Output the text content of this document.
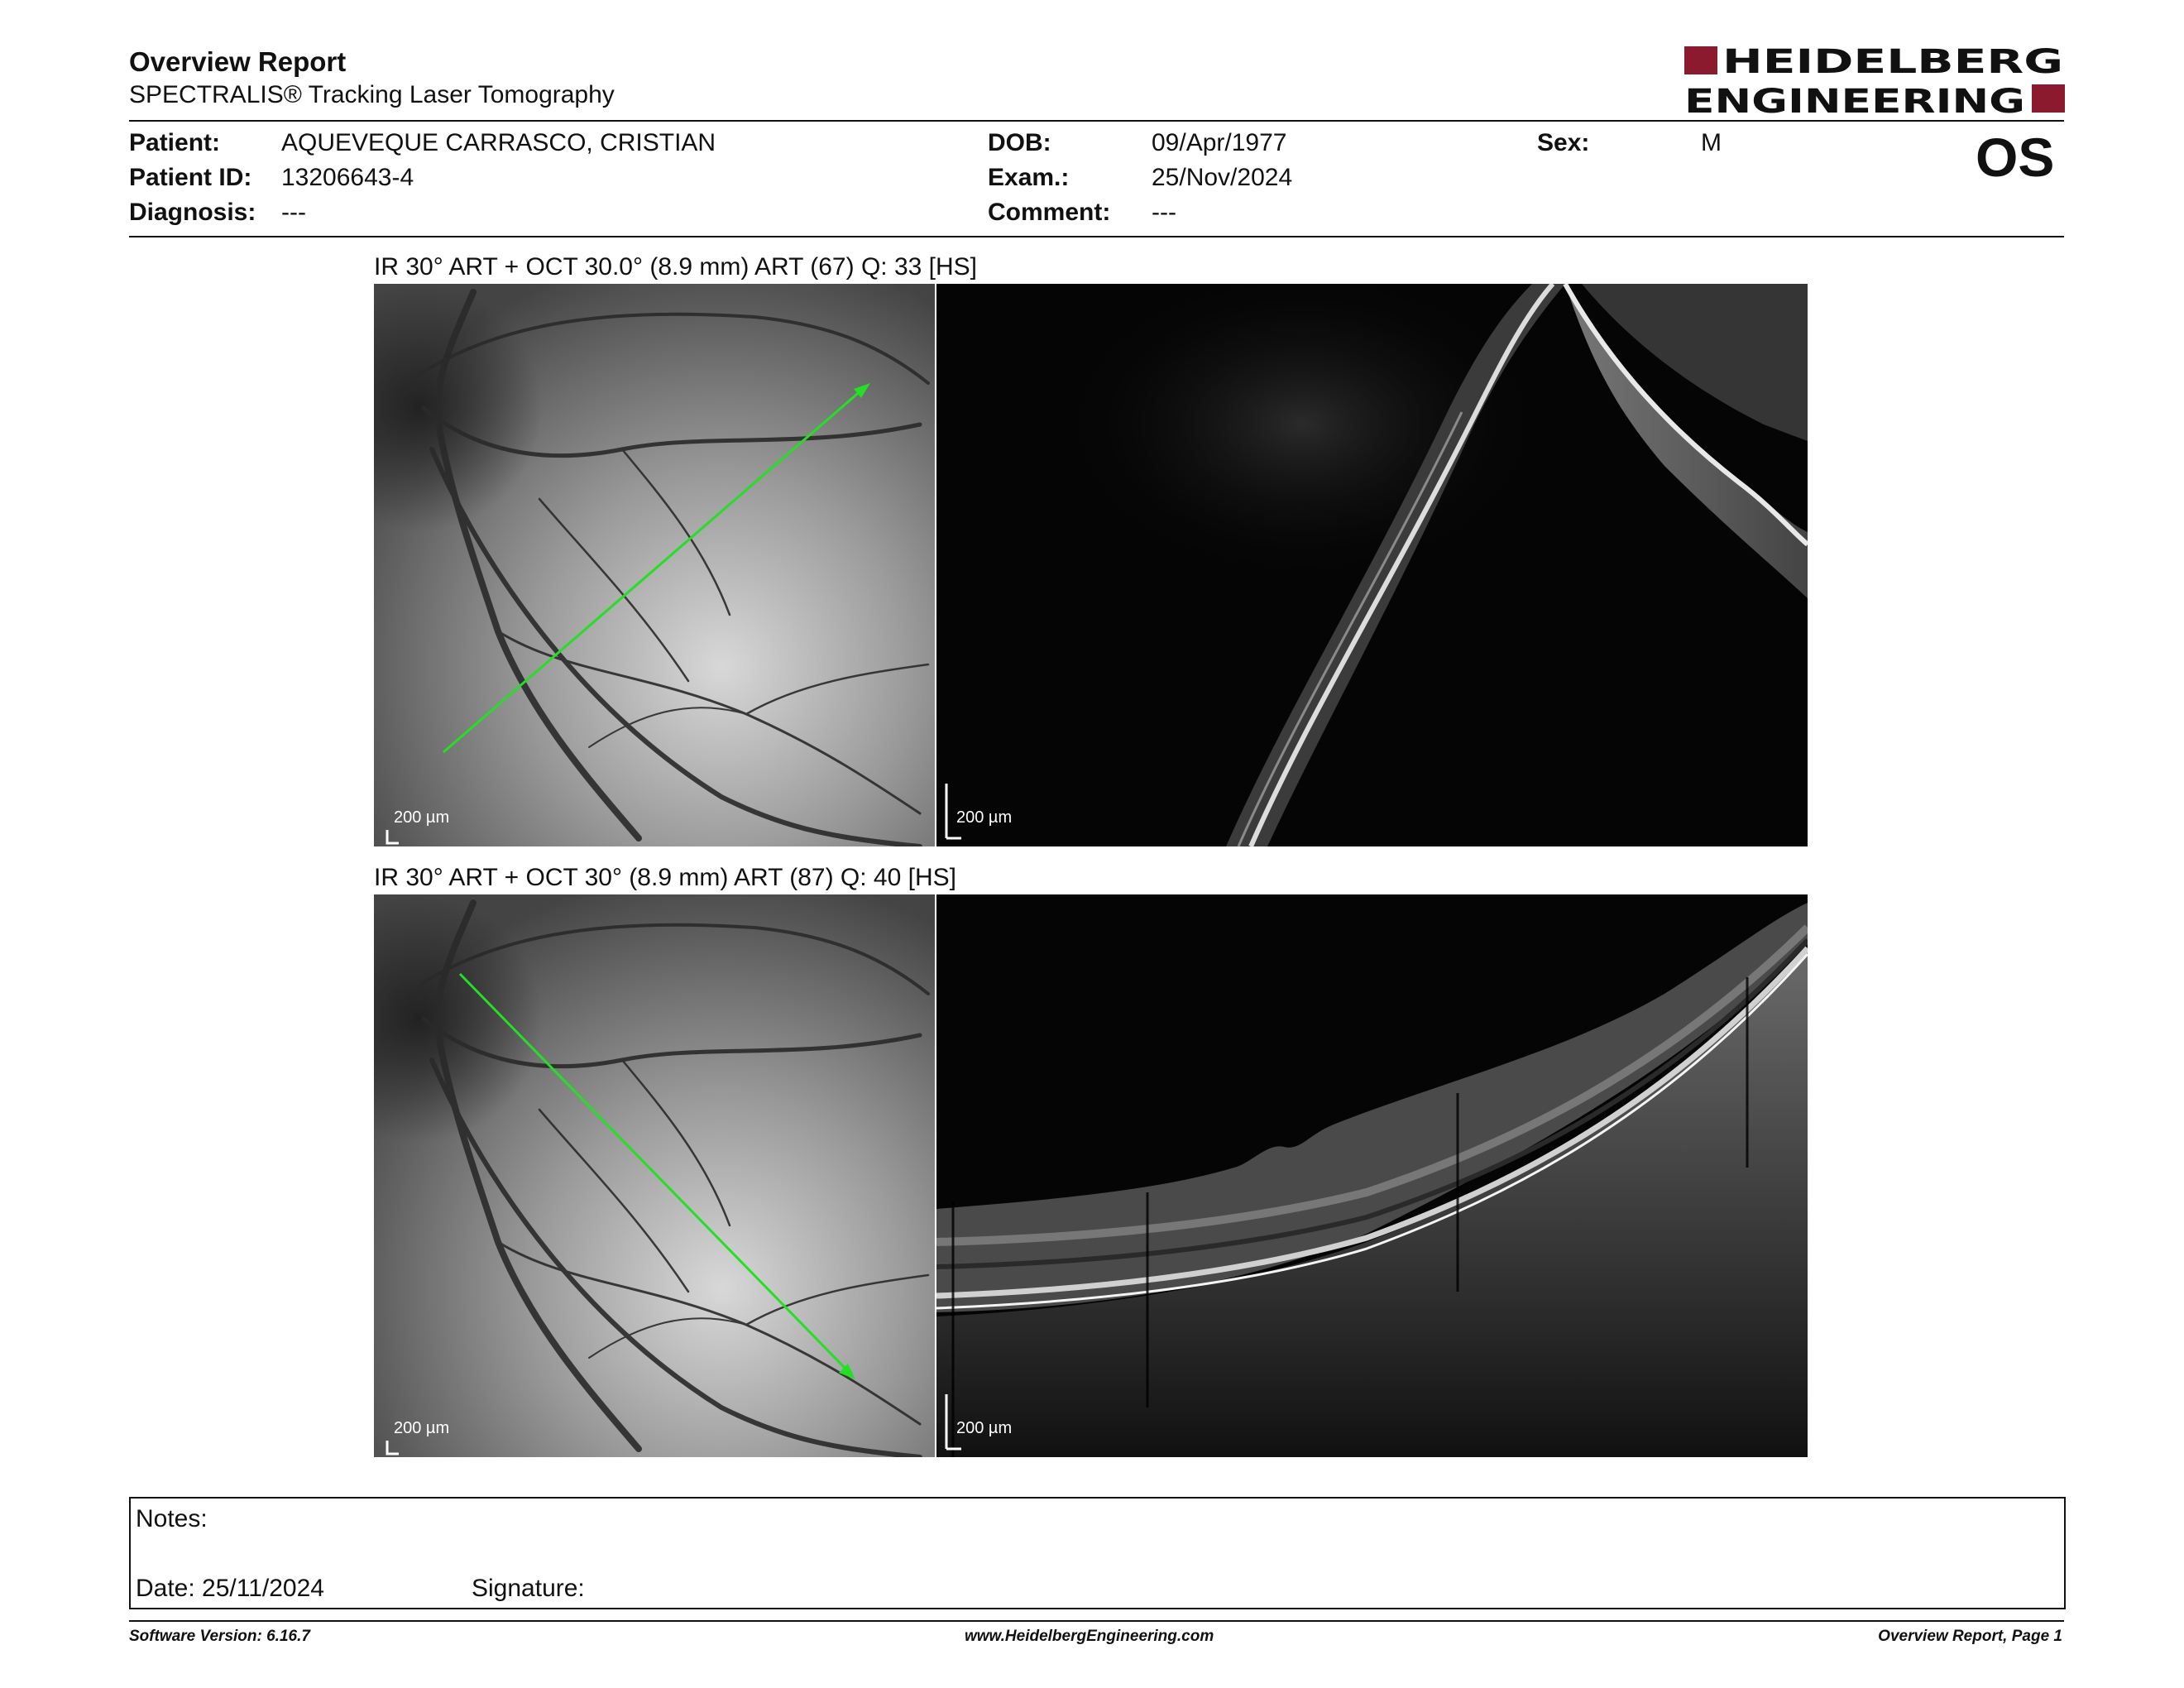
Overview Report
SPECTRALIS® Tracking Laser Tomography
HEIDELBERG
ENGINEERING
Patient: AQUEVEQUE CARRASCO, CRISTIAN
Patient ID: 13206643-4
Diagnosis: ---
DOB:	09/Apr/1977
Exam.:	25/Nov/2024
Comment: ---
Sex:	M	OS
IR 30° ART + OCT 30.0° (8.9 mm) ART (67) Q: 33 [HS]
200 µm	200 µm
IR 30° ART + OCT 30° (8.9 mm) ART (87) Q: 40 [HS]
200 µm	200 µm
Notes:
Date: 25/11/2024	Signature:
Software Version: 6.16.7	www.HeidelbergEngineering.com	Overview Report, Page 1
